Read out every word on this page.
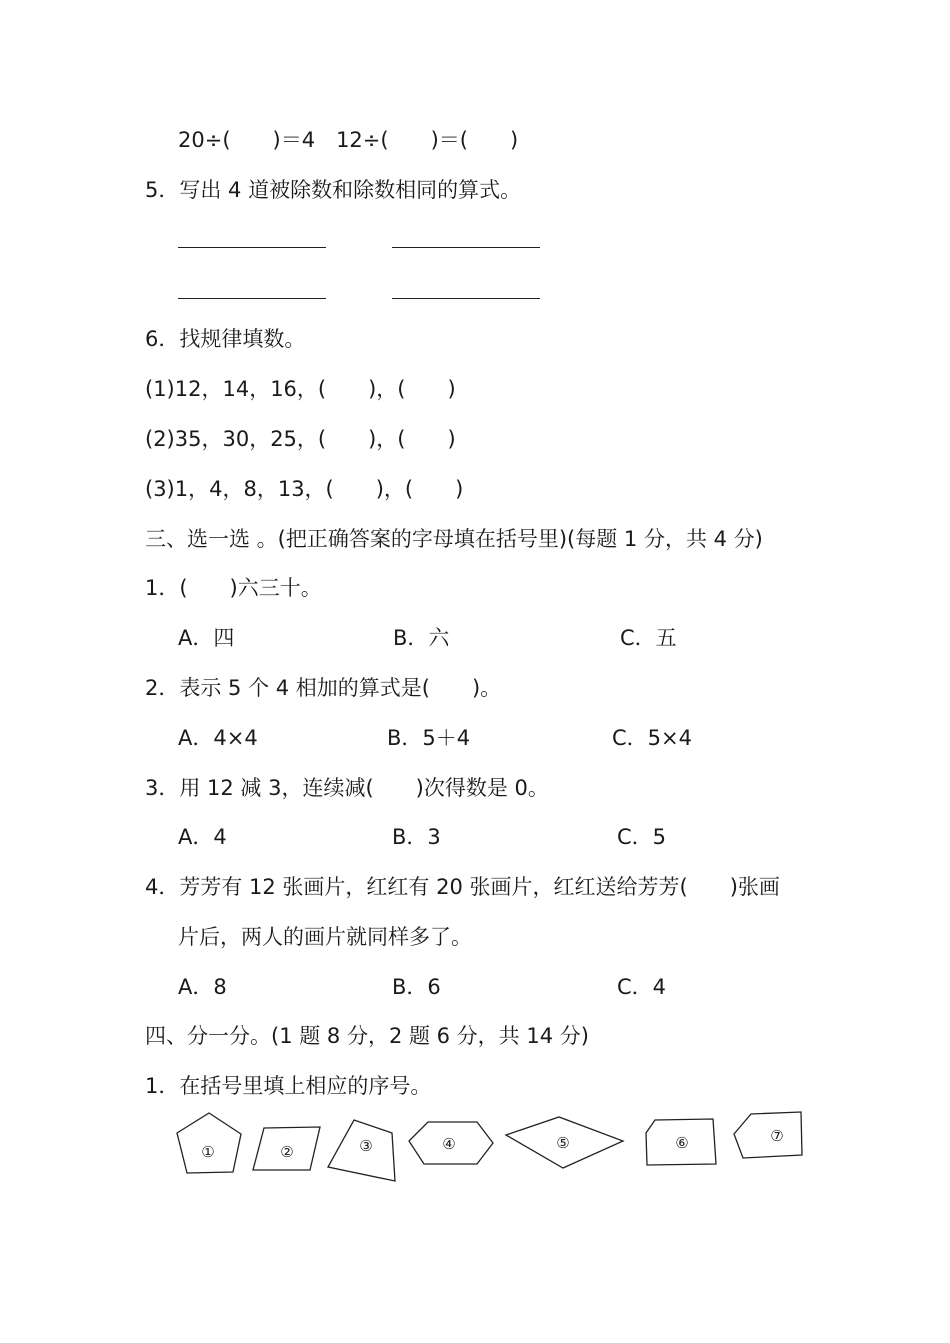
20÷(　　)＝4　12÷(　　)＝(　　)
5．写出 4 道被除数和除数相同的算式。
6．找规律填数。
(1)12，14，16，(　　)，(　　)
(2)35，30，25，(　　)，(　　)
(3)1，4，8，13，(　　)，(　　)
三、选一选 。(把正确答案的字母填在括号里)(每题 1 分，共 4 分)
1．(　　)六三十。
A．四	B．六	C．五
2．表示 5 个 4 相加的算式是(　　)。
A．4×4	B．5＋4	C．5×4
3．用 12 减 3，连续减(　　)次得数是 0。
A．4	B．3	C．5
4．芳芳有 12 张画片，红红有 20 张画片，红红送给芳芳(　　)张画
片后，两人的画片就同样多了。
A．8	B．6	C．4
四、分一分。(1 题 8 分，2 题 6 分，共 14 分)
1．在括号里填上相应的序号。
①	②	③	④	⑤	⑥	⑦
